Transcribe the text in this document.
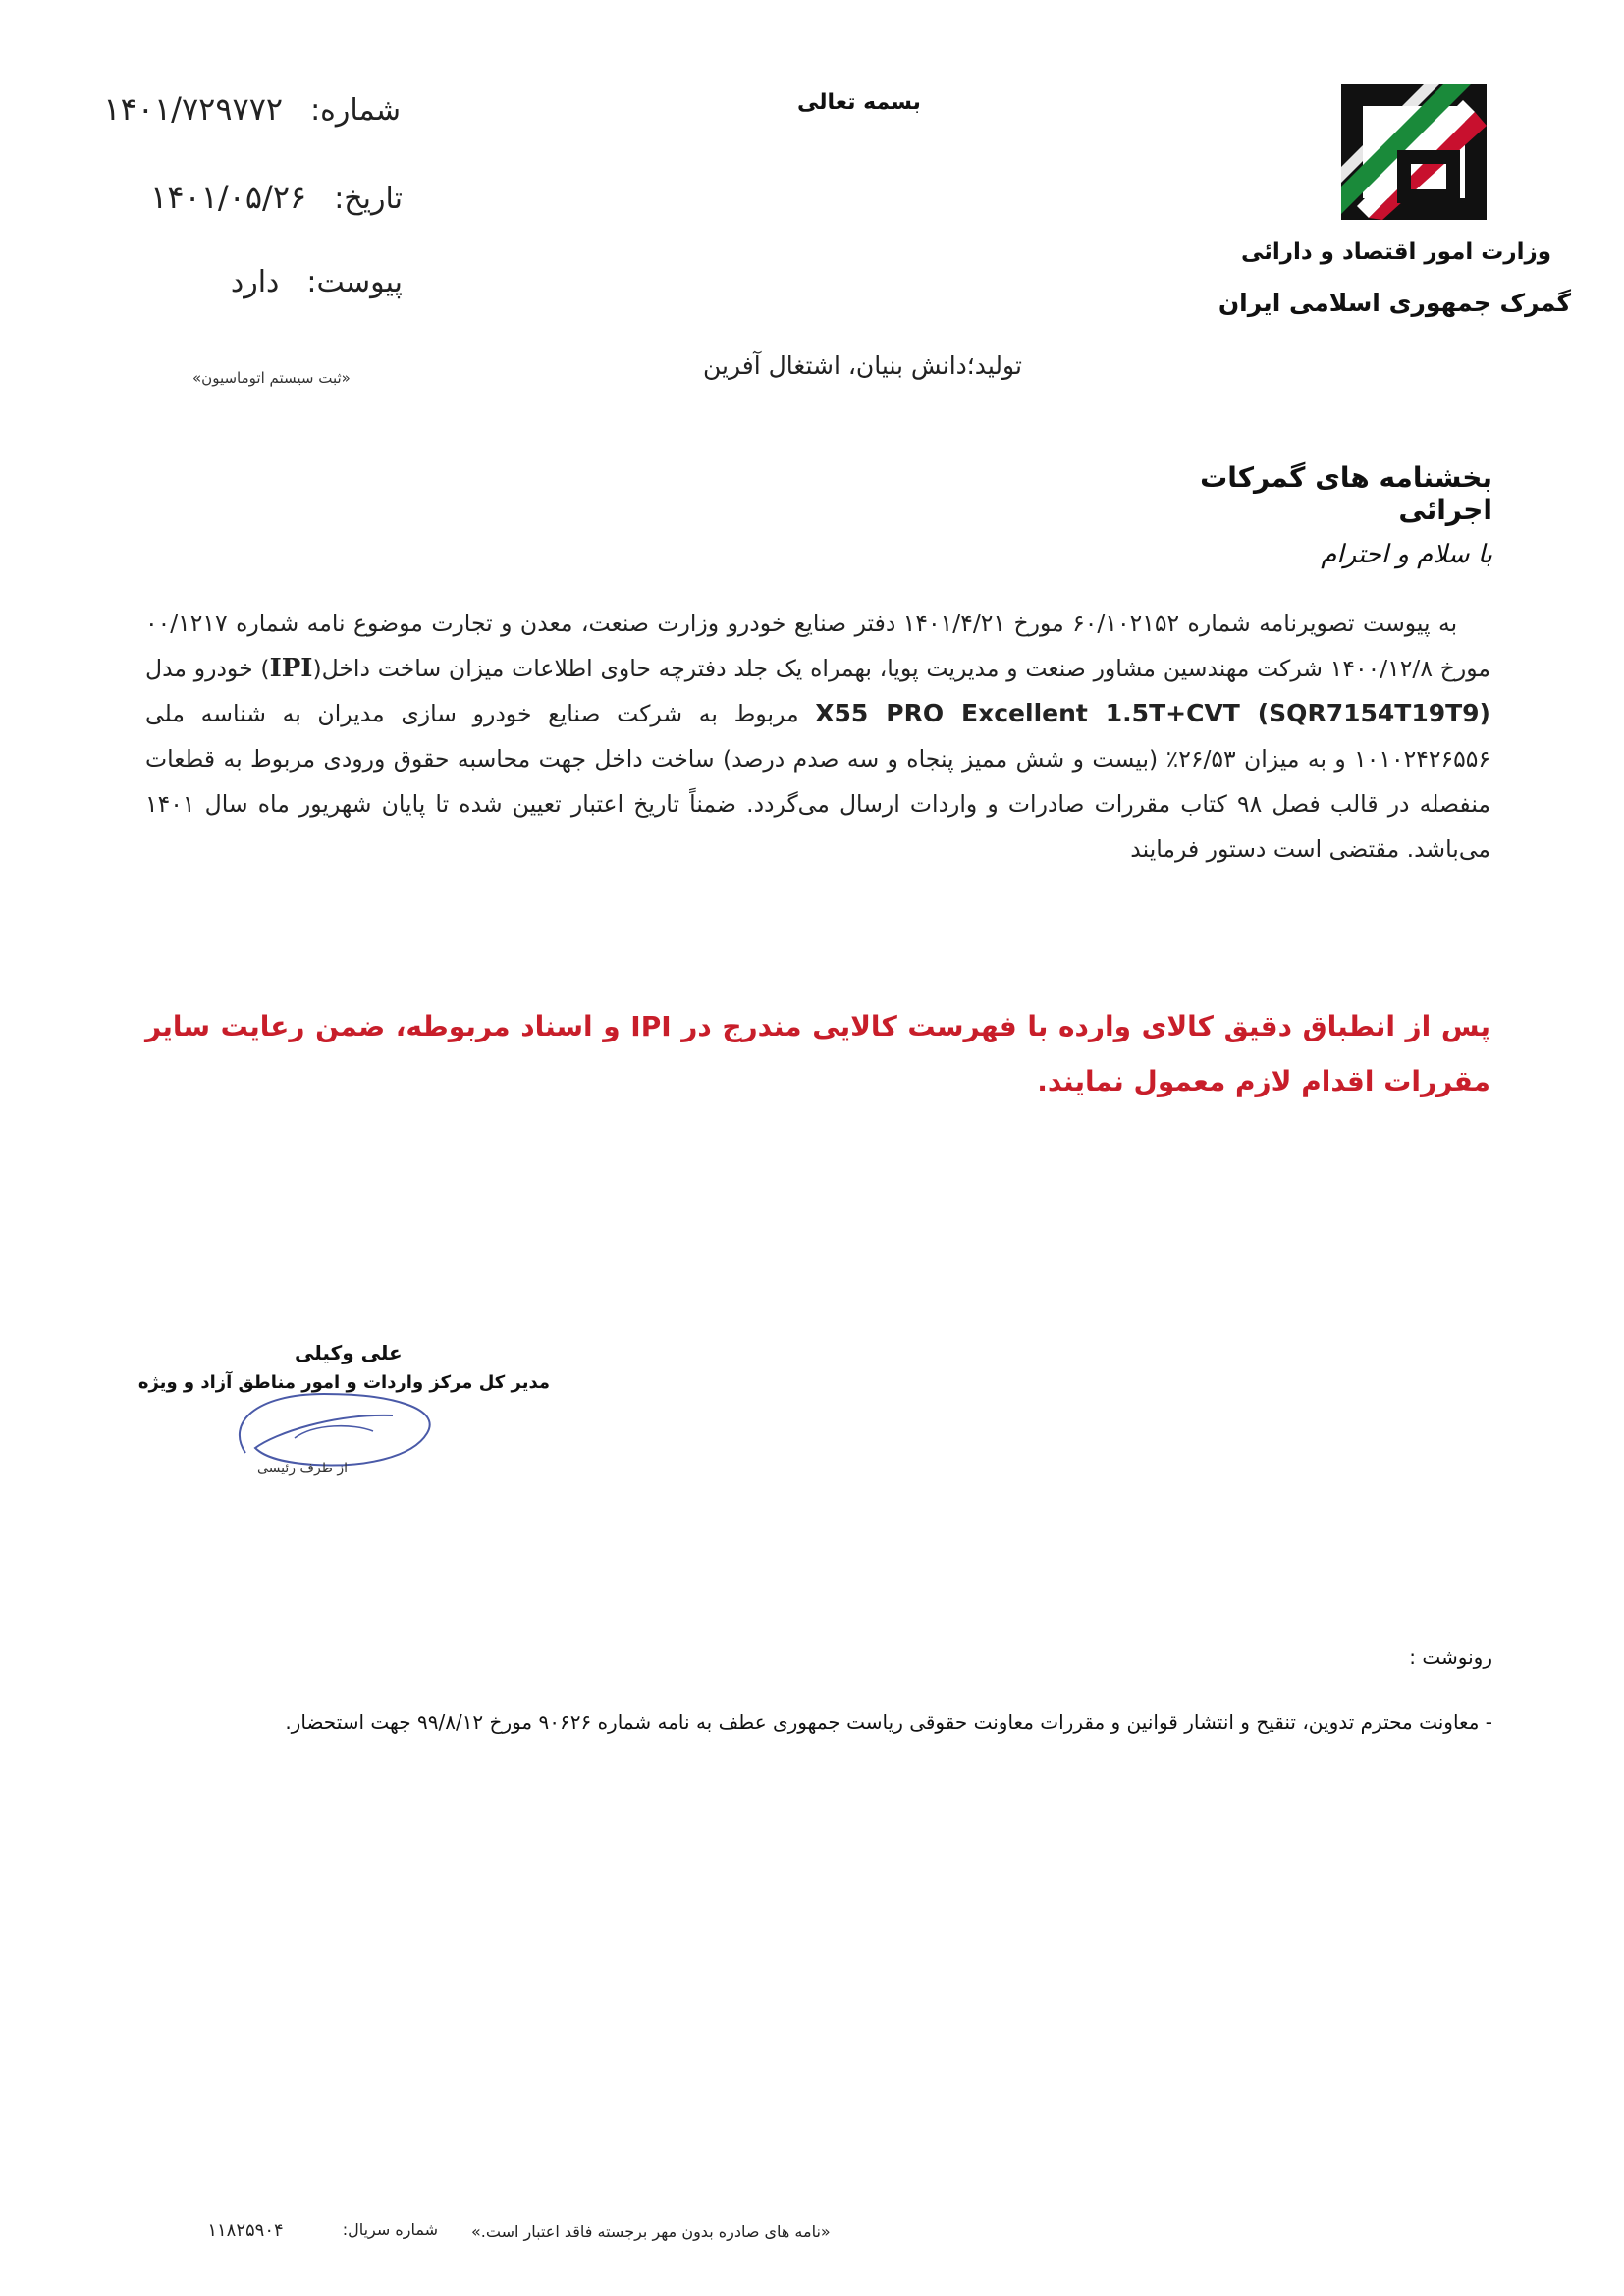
شماره:۱۴۰۱/۷۲۹۷۷۲
تاریخ:۱۴۰۱/۰۵/۲۶
پیوست:دارد
«ثبت سیستم اتوماسیون»
بسمه تعالی
تولید؛دانش بنیان، اشتغال آفرین
وزارت امور اقتصاد و دارائی
گمرک جمهوری اسلامی ایران
بخشنامه های گمرکات اجرائی
با سلام و احترام
به پیوست تصویرنامه شماره ۶۰/۱۰۲۱۵۲ مورخ ۱۴۰۱/۴/۲۱ دفتر صنایع خودرو وزارت صنعت، معدن و تجارت موضوع نامه شماره ۰۰/۱۲۱۷ مورخ ۱۴۰۰/۱۲/۸ شرکت مهندسین مشاور صنعت و مدیریت پویا، بهمراه یک جلد دفترچه حاوی اطلاعات میزان ساخت داخل(IPI) خودرو مدل X55 PRO Excellent 1.5T+CVT (SQR7154T19T9) مربوط به شرکت صنایع خودرو سازی مدیران به شناسه ملی ۱۰۱۰۲۴۲۶۵۵۶ و به میزان ۲۶/۵۳٪ (بیست و شش ممیز پنجاه و سه صدم درصد) ساخت داخل جهت محاسبه حقوق ورودی مربوط به قطعات منفصله در قالب فصل ۹۸ کتاب مقررات صادرات و واردات ارسال می‌گردد. ضمناً تاریخ اعتبار تعیین شده تا پایان شهریور ماه سال ۱۴۰۱ می‌باشد. مقتضی است دستور فرمایند
پس از انطباق دقیق کالای وارده با فهرست کالایی مندرج در IPI و اسناد مربوطه، ضمن رعایت سایر مقررات اقدام لازم معمول نمایند.
علی وکیلی
مدیر کل مرکز واردات و امور مناطق آزاد و ویژه
از طرف رئیسی
رونوشت :
- معاونت محترم تدوین، تنقیح و انتشار قوانین و مقررات معاونت حقوقی ریاست جمهوری عطف به نامه شماره ۹۰۶۲۶ مورخ ۹۹/۸/۱۲ جهت استحضار.
«نامه های صادره بدون مهر برجسته فاقد اعتبار است.»
شماره سریال:
۱۱۸۲۵۹۰۴
